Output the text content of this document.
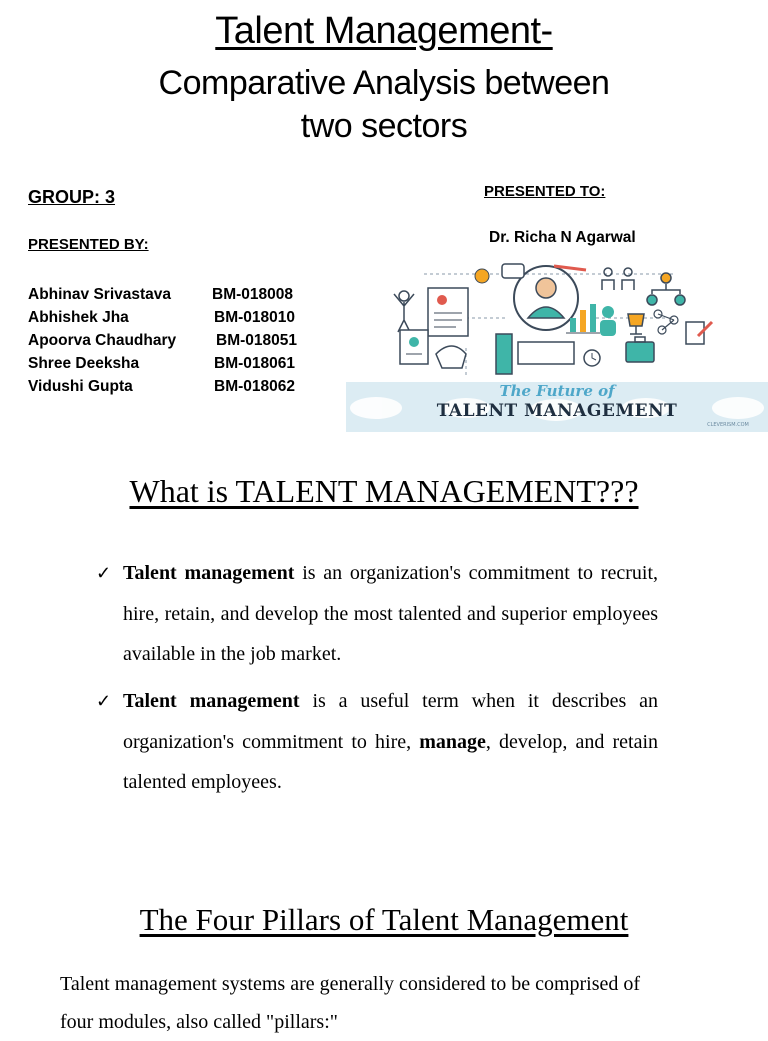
Talent Management-
Comparative Analysis between
two sectors
GROUP: 3
PRESENTED BY:
Abhinav Srivastava	BM-018008
Abhishek Jha	BM-018010
Apoorva Chaudhary	BM-018051
Shree Deeksha	BM-018061
Vidushi Gupta	BM-018062
PRESENTED TO:
Dr. Richa N Agarwal
The Future of
TALENT MANAGEMENT
CLEVERISM.COM
What is TALENT MANAGEMENT???
✓ Talent management is an organization's commitment to recruit, hire, retain, and develop the most talented and superior employees available in the job market.
✓ Talent management is a useful term when it describes an organization's commitment to hire, manage, develop, and retain talented employees.
The Four Pillars of Talent Management
Talent management systems are generally considered to be comprised of
four modules, also called "pillars:"
